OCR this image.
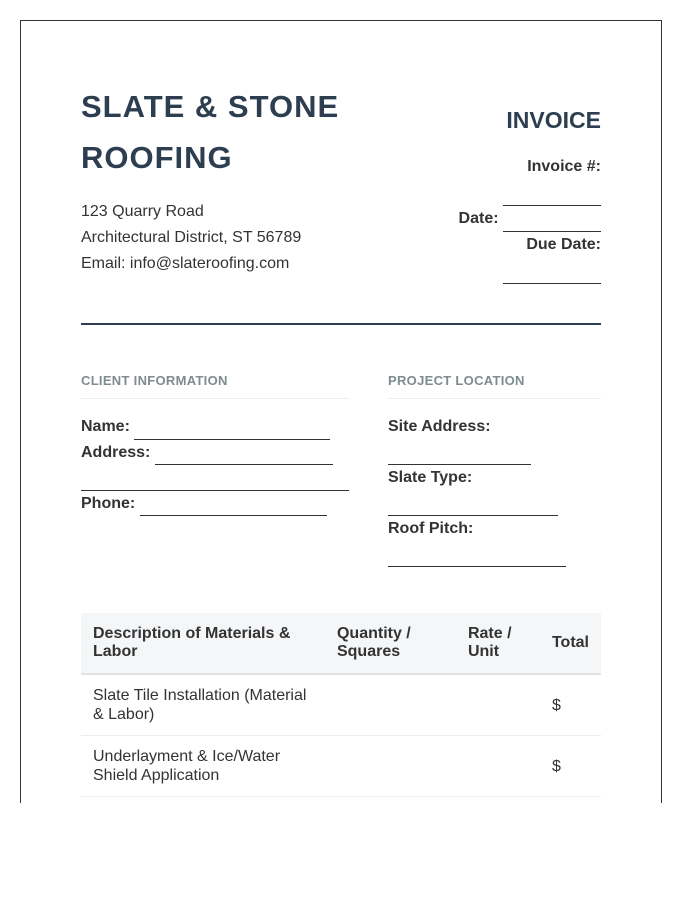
SLATE & STONE ROOFING
123 Quarry Road
Architectural District, ST 56789
Email: info@slateroofing.com
INVOICE
Invoice #:
Date:
Due Date:
CLIENT INFORMATION	PROJECT LOCATION
Name:
Address:
Phone:
Site Address:
Slate Type:
Roof Pitch:
Description of Materials & Labor	Quantity / Squares	Rate / Unit	Total
Slate Tile Installation (Material & Labor)			$
Underlayment & Ice/Water Shield Application			$
